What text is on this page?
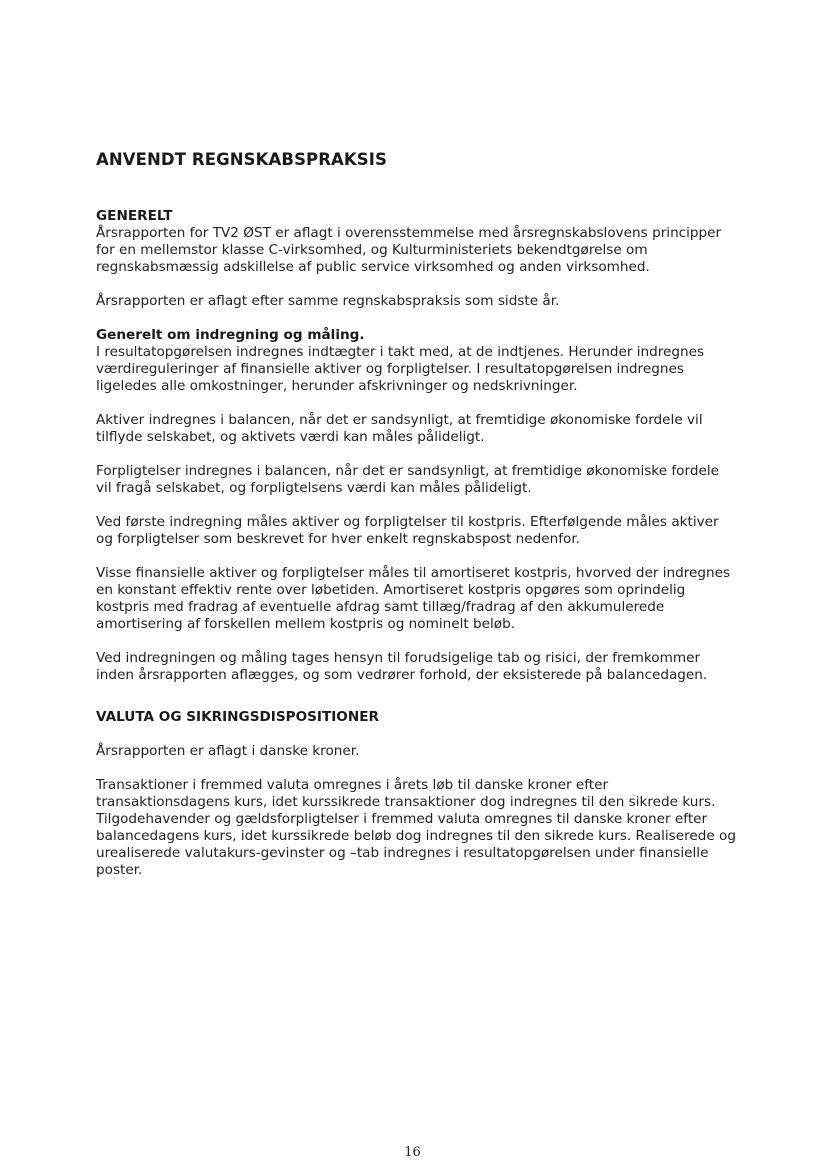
ANVENDT REGNSKABSPRAKSIS
GENERELT

Årsrapporten for TV2 ØST er aflagt i overensstemmelse med årsregnskabslovens principper for en mellemstor klasse C-virksomhed, og Kulturministeriets bekendtgørelse om regnskabsmæssig adskillelse af public service virksomhed og anden virksomhed.

Årsrapporten er aflagt efter samme regnskabspraksis som sidste år.

Generelt om indregning og måling.

I resultatopgørelsen indregnes indtægter i takt med, at de indtjenes. Herunder indregnes værdireguleringer af finansielle aktiver og forpligtelser. I resultatopgørelsen indregnes ligeledes alle omkostninger, herunder afskrivninger og nedskrivninger.

Aktiver indregnes i balancen, når det er sandsynligt, at fremtidige økonomiske fordele vil tilflyde selskabet, og aktivets værdi kan måles pålideligt.

Forpligtelser indregnes i balancen, når det er sandsynligt, at fremtidige økonomiske fordele vil fragå selskabet, og forpligtelsens værdi kan måles pålideligt.

Ved første indregning måles aktiver og forpligtelser til kostpris. Efterfølgende måles aktiver og forpligtelser som beskrevet for hver enkelt regnskabspost nedenfor.

Visse finansielle aktiver og forpligtelser måles til amortiseret kostpris, hvorved der indregnes en konstant effektiv rente over løbetiden. Amortiseret kostpris opgøres som oprindelig kostpris med fradrag af eventuelle afdrag samt tillæg/fradrag af den akkumulerede amortisering af forskellen mellem kostpris og nominelt beløb.

Ved indregningen og måling tages hensyn til forudsigelige tab og risici, der fremkommer inden årsrapporten aflægges, og som vedrører forhold, der eksisterede på balancedagen.

VALUTA OG SIKRINGSDISPOSITIONER

Årsrapporten er aflagt i danske kroner.

Transaktioner i fremmed valuta omregnes i årets løb til danske kroner efter transaktionsdagens kurs, idet kurssikrede transaktioner dog indregnes til den sikrede kurs. Tilgodehavender og gældsforpligtelser i fremmed valuta omregnes til danske kroner efter balancedagens kurs, idet kurssikrede beløb dog indregnes til den sikrede kurs. Realiserede og urealiserede valutakurs-gevinster og –tab indregnes i resultatopgørelsen under finansielle poster.

16
